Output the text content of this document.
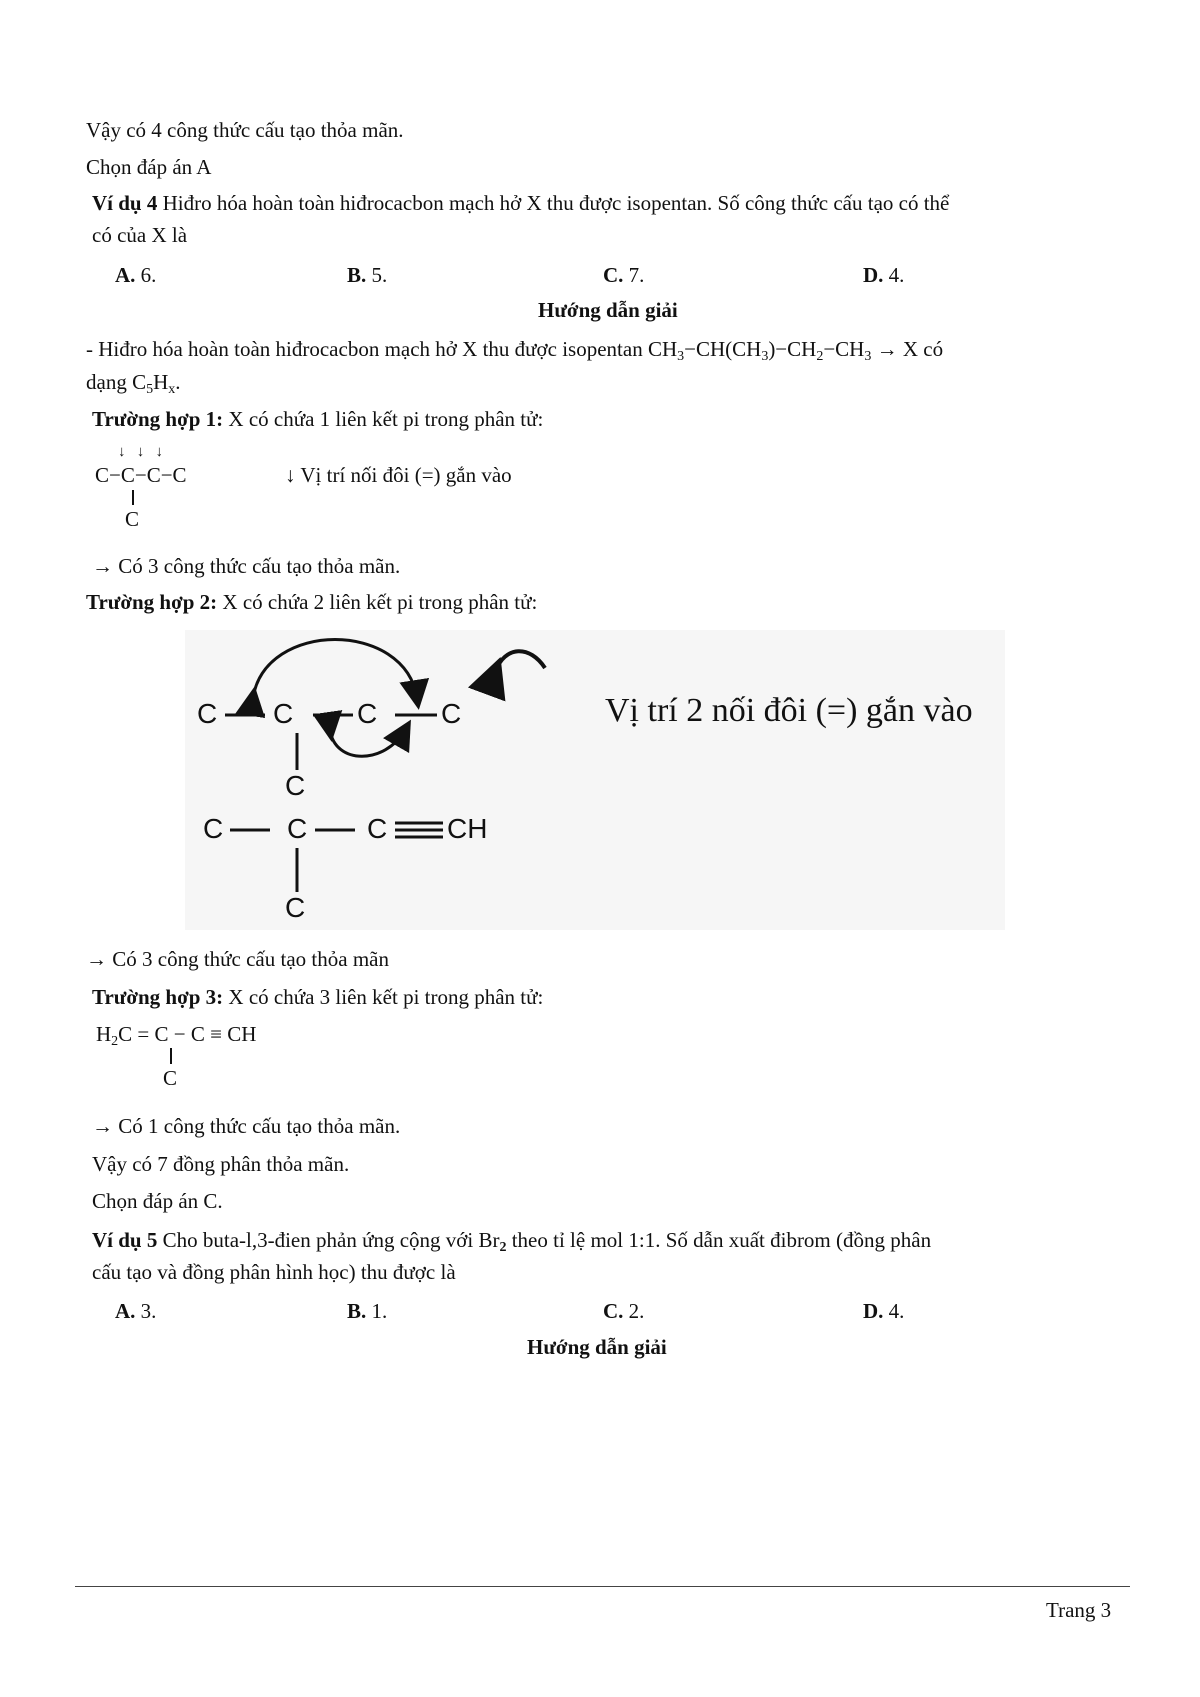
Vậy có 4 công thức cấu tạo thỏa mãn.
Chọn đáp án A
Ví dụ 4 Hiđro hóa hoàn toàn hiđrocacbon mạch hở X thu được isopentan. Số công thức cấu tạo có thể
có của X là
A. 6.	B. 5.	C. 7.	D. 4.
Hướng dẫn giải
- Hiđro hóa hoàn toàn hiđrocacbon mạch hở X thu được isopentan $CH_3-CH(CH_3)-CH_2-CH_3 \to X$ có
dạng $C_5H_x$.
Trường hợp 1: X có chứa 1 liên kết pi trong phân tử:
↓   ↓   ↓
C−C−C−C
C
↓ Vị trí nối đôi (=) gắn vào
→ Có 3 công thức cấu tạo thỏa mãn.
Trường hợp 2: X có chứa 2 liên kết pi trong phân tử:
C C C C
C
C C C CH
C
Vị trí 2 nối đôi (=) gắn vào
→ Có 3 công thức cấu tạo thỏa mãn
Trường hợp 3: X có chứa 3 liên kết pi trong phân tử:
$H_2C = C - C$ ≡ CH
C
→ Có 1 công thức cấu tạo thỏa mãn.
Vậy có 7 đồng phân thỏa mãn.
Chọn đáp án C.
Ví dụ 5 Cho buta-l,3-đien phản ứng cộng với $Br_2$ theo tỉ lệ mol 1:1. Số dẫn xuất đibrom (đồng phân
cấu tạo và đồng phân hình học) thu được là
A. 3.	B. 1.	C. 2.	D. 4.
Hướng dẫn giải
Trang 3
